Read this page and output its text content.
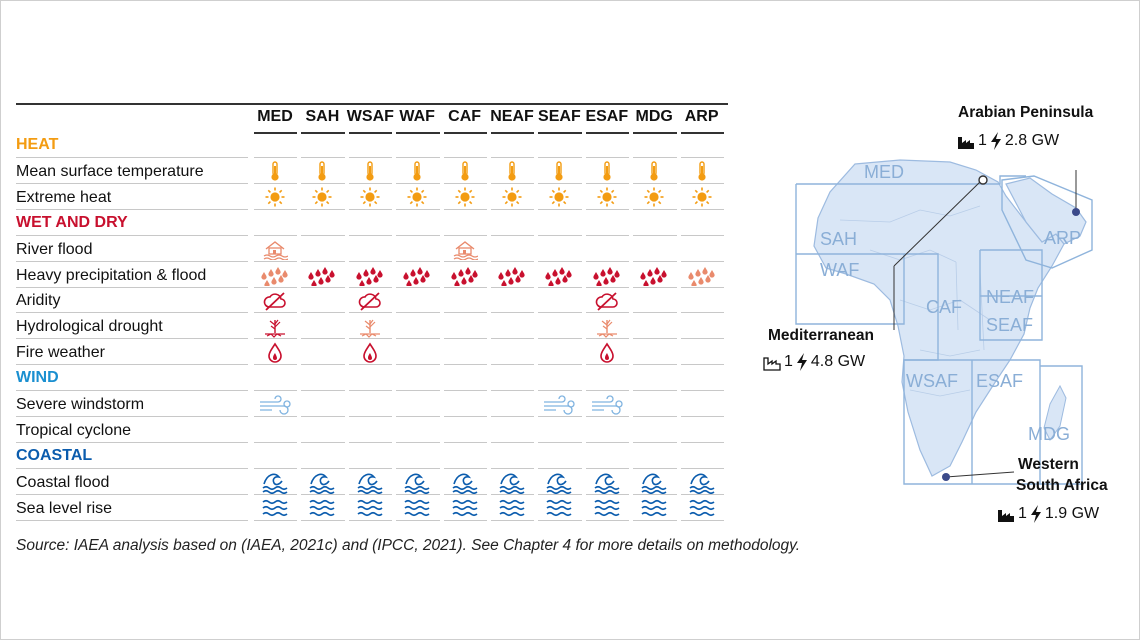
MED SAH WSAF WAF CAF NEAF SEAF ESAF MDG ARP
HEAT
Mean surface temperature
Extreme heat
WET AND DRY
River flood
Heavy precipitation & flood
Aridity
Hydrological drought
Fire weather
WIND
Severe windstorm
Tropical cyclone
COASTAL
Coastal flood
Sea level rise
Source: IAEA analysis based on (IAEA, 2021c) and (IPCC, 2021). See Chapter 4 for more details on methodology.
MED
SAH
WAF
ARP
CAF NEAF
SEAF
WSAF ESAF
MDG
Arabian Peninsula
1 2.8 GW
Mediterranean
1 4.8 GW
Western
South Africa
1 1.9 GW
